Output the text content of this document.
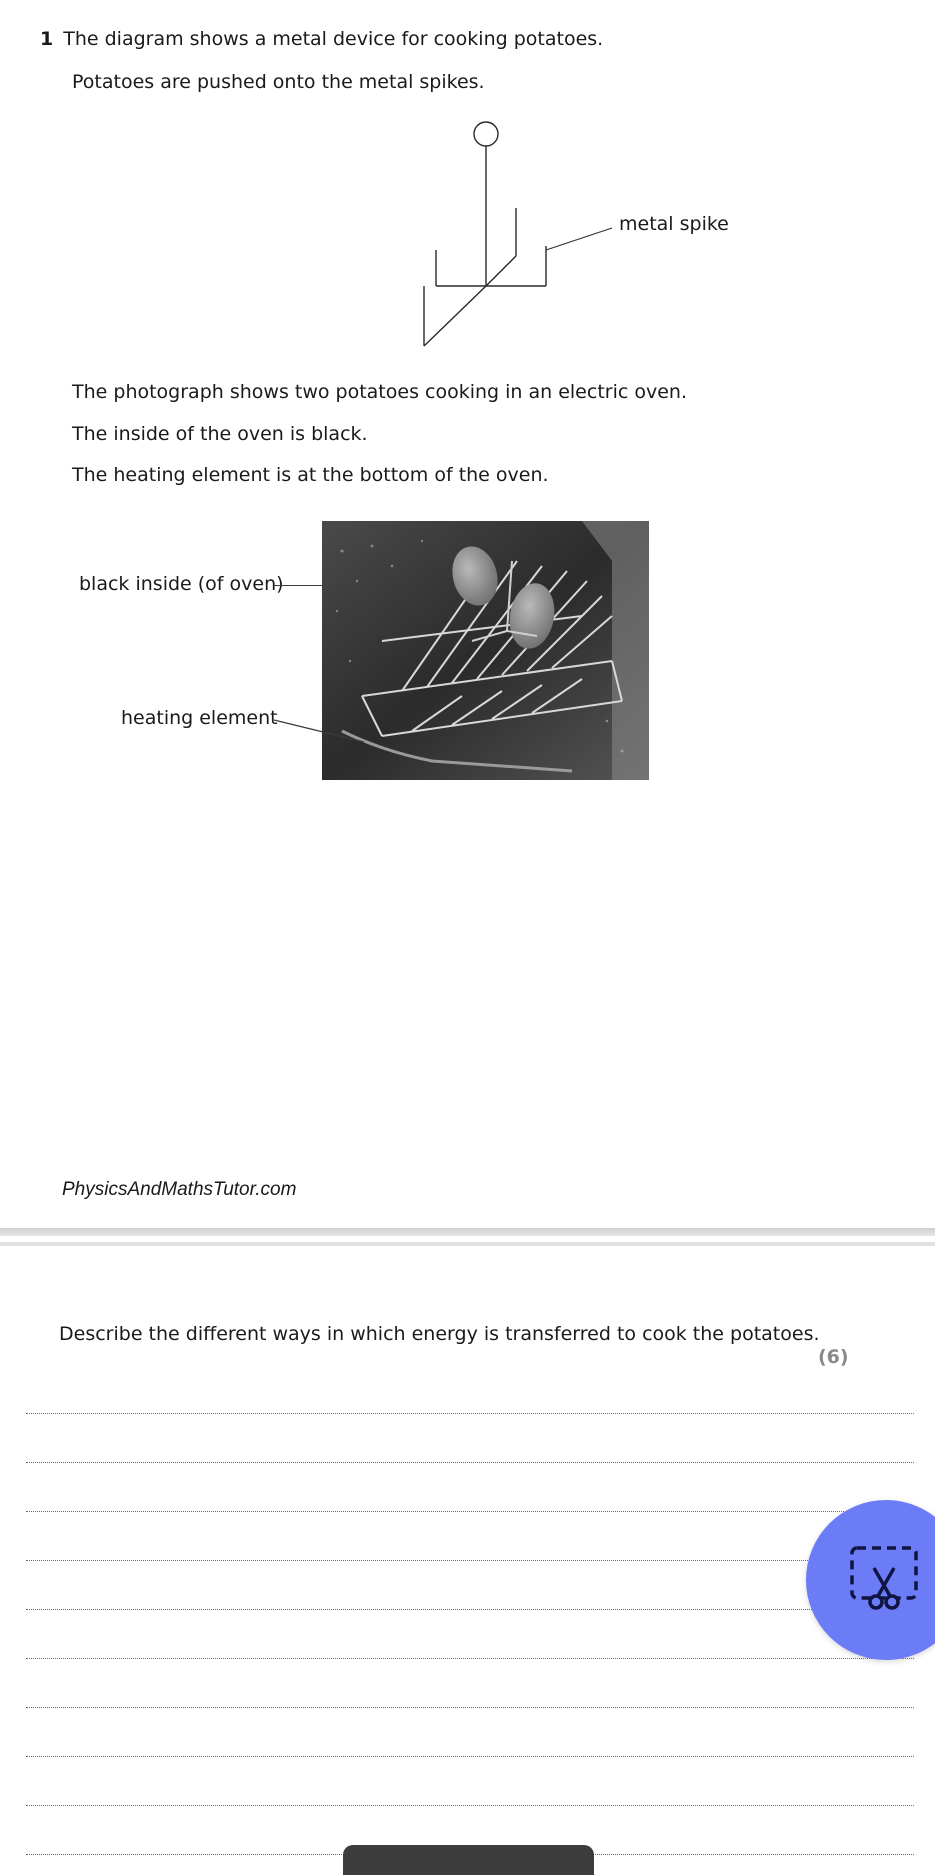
1 The diagram shows a metal device for cooking potatoes.
Potatoes are pushed onto the metal spikes.
metal spike
The photograph shows two potatoes cooking in an electric oven.
The inside of the oven is black.
The heating element is at the bottom of the oven.
black inside (of oven)
heating element
PhysicsAndMathsTutor.com
Describe the different ways in which energy is transferred to cook the potatoes.
(6)
